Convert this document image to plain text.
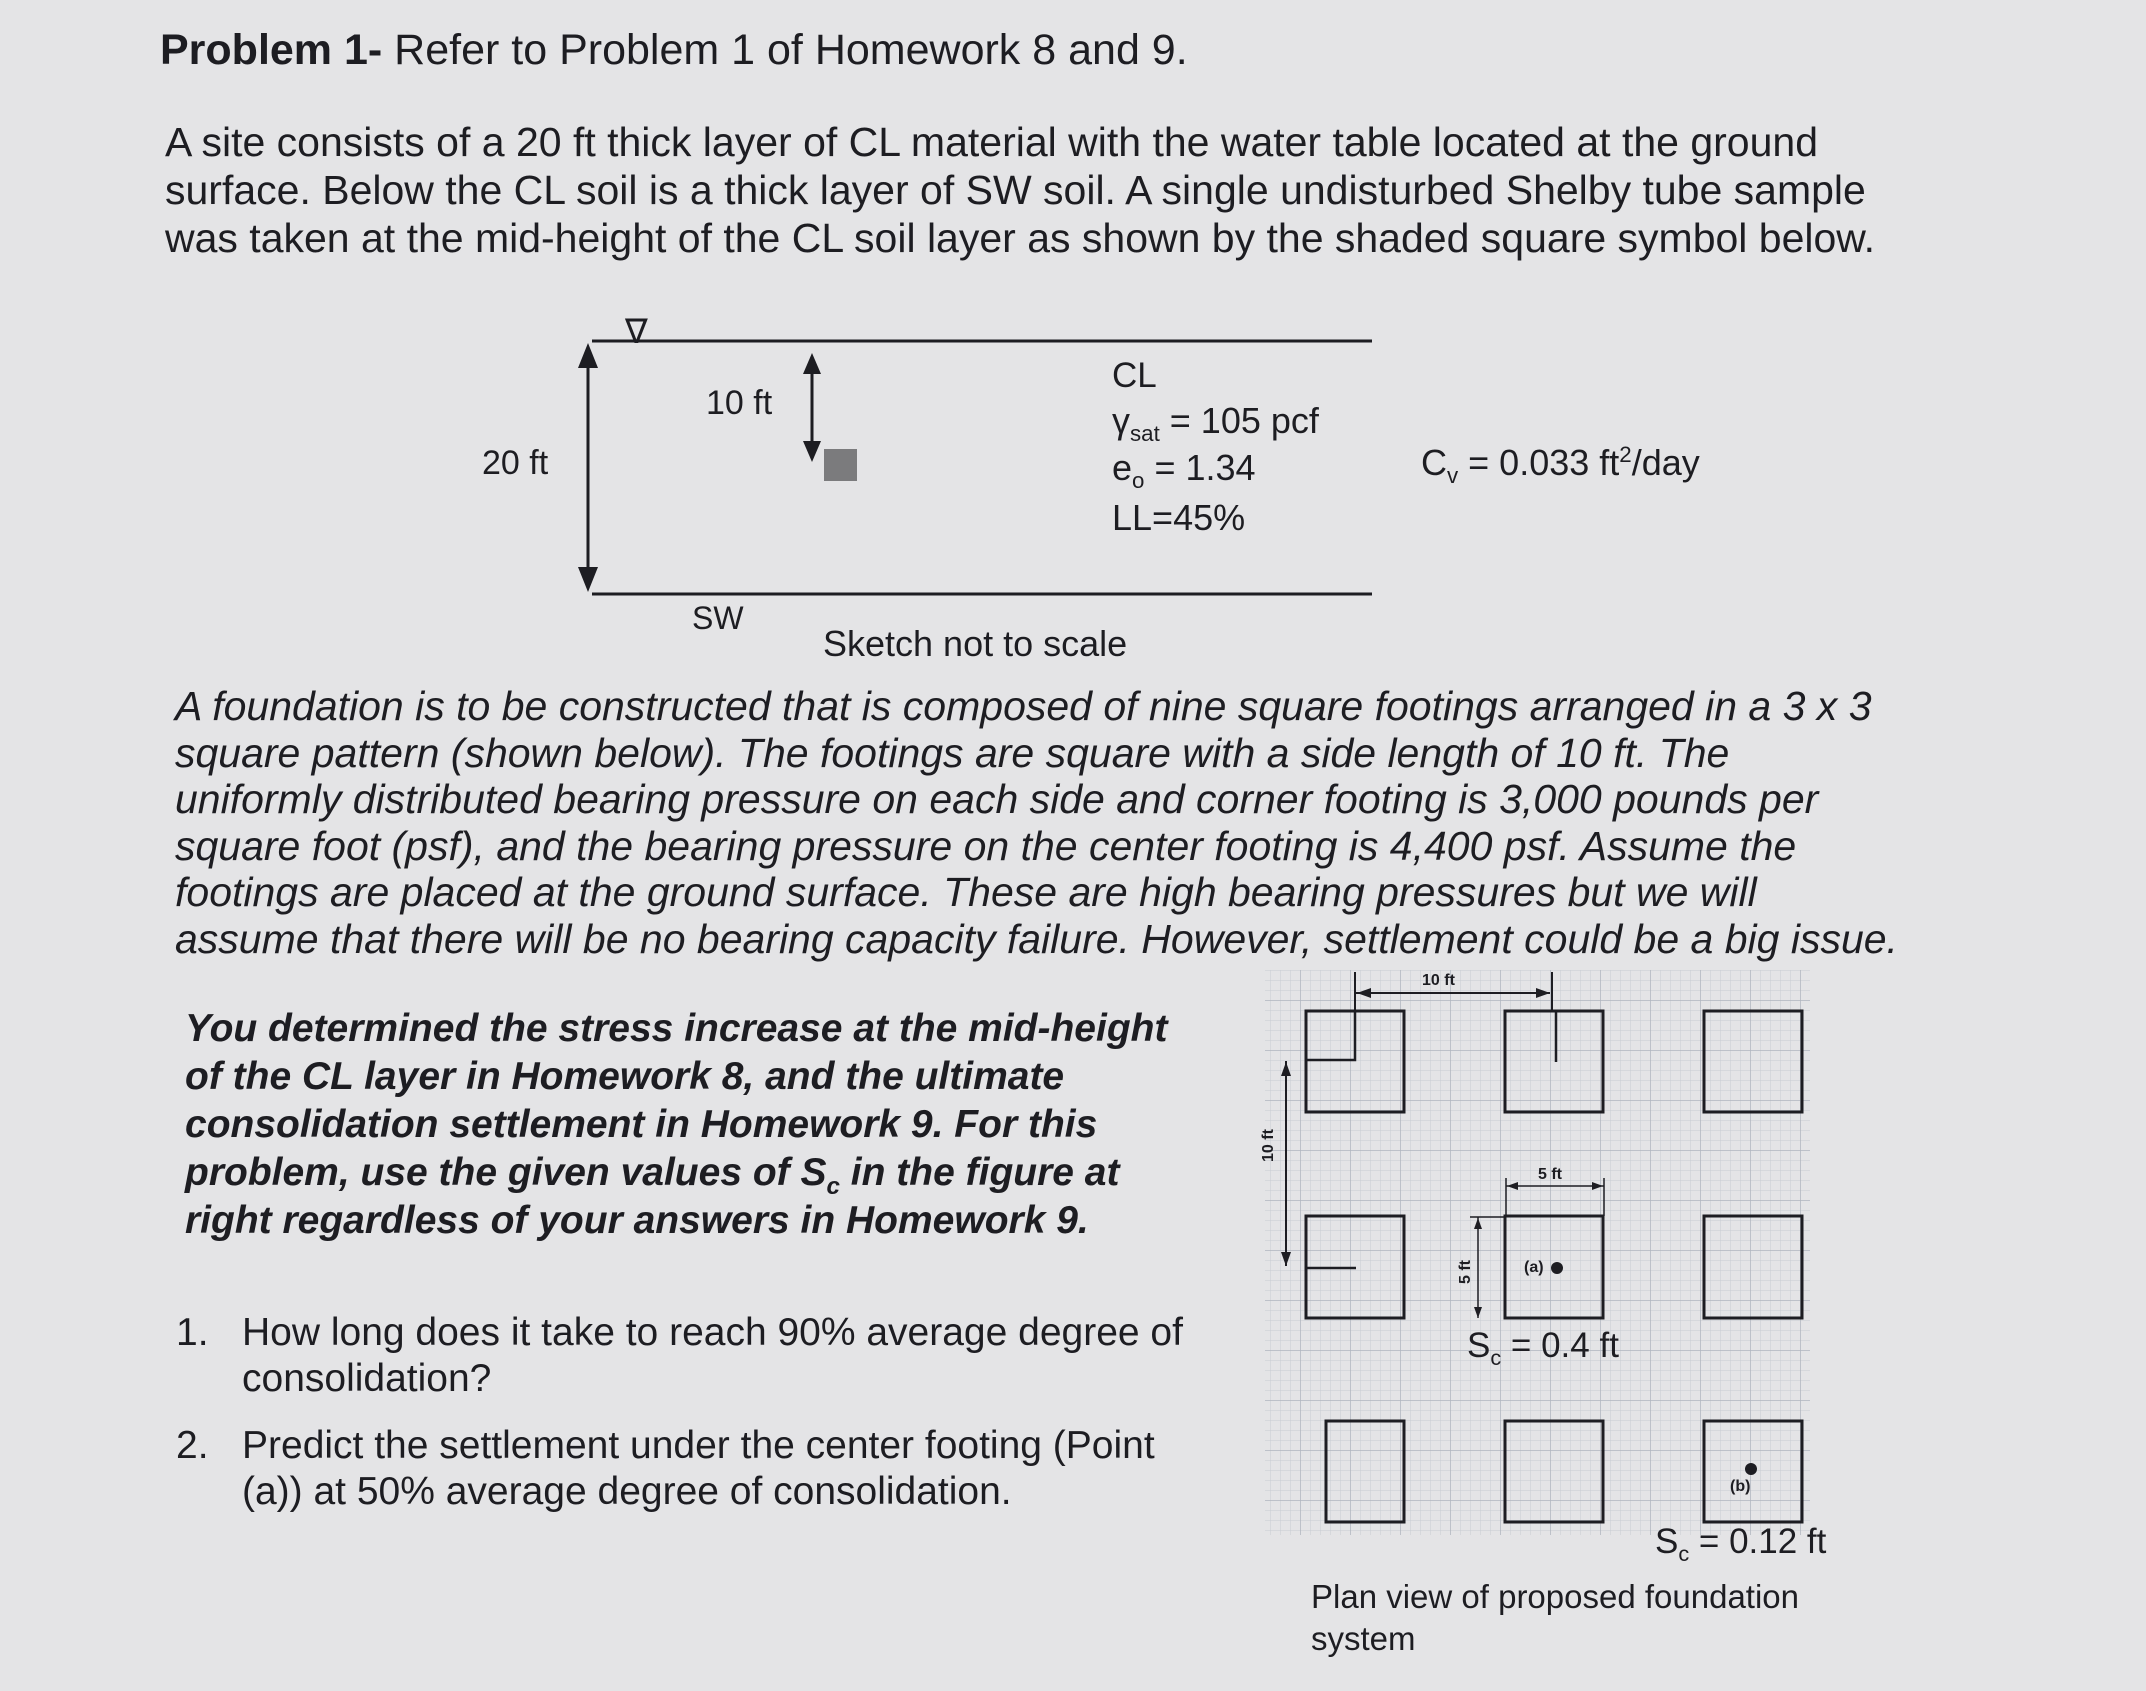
Problem 1- Refer to Problem 1 of Homework 8 and 9.
A site consists of a 20 ft thick layer of CL material with the water table located at the ground
surface. Below the CL soil is a thick layer of SW soil. A single undisturbed Shelby tube sample
was taken at the mid-height of the CL soil layer as shown by the shaded square symbol below.
∇
20 ft
10 ft
CL
$\gamma_{sat} = 105$ pcf
$e_o = 1.34$
LL=45%
$C_v = 0.033$ $ft^2$/day
SW
Sketch not to scale
A foundation is to be constructed that is composed of nine square footings arranged in a 3 x 3
square pattern (shown below). The footings are square with a side length of 10 ft. The
uniformly distributed bearing pressure on each side and corner footing is 3,000 pounds per
square foot (psf), and the bearing pressure on the center footing is 4,400 psf. Assume the
footings are placed at the ground surface. These are high bearing pressures but we will
assume that there will be no bearing capacity failure. However, settlement could be a big issue.
You determined the stress increase at the mid-height
of the CL layer in Homework 8, and the ultimate
consolidation settlement in Homework 9. For this
problem, use the given values of $S_c$ in the figure at
right regardless of your answers in Homework 9.
1. How long does it take to reach 90% average degree of
consolidation?
2. Predict the settlement under the center footing (Point
(a)) at 50% average degree of consolidation.
10 ft
10 ft
5 ft
5 ft	(a)
(b)
$S_c = 0.4$ ft
$S_c = 0.12$ ft
Plan view of proposed foundation
system
